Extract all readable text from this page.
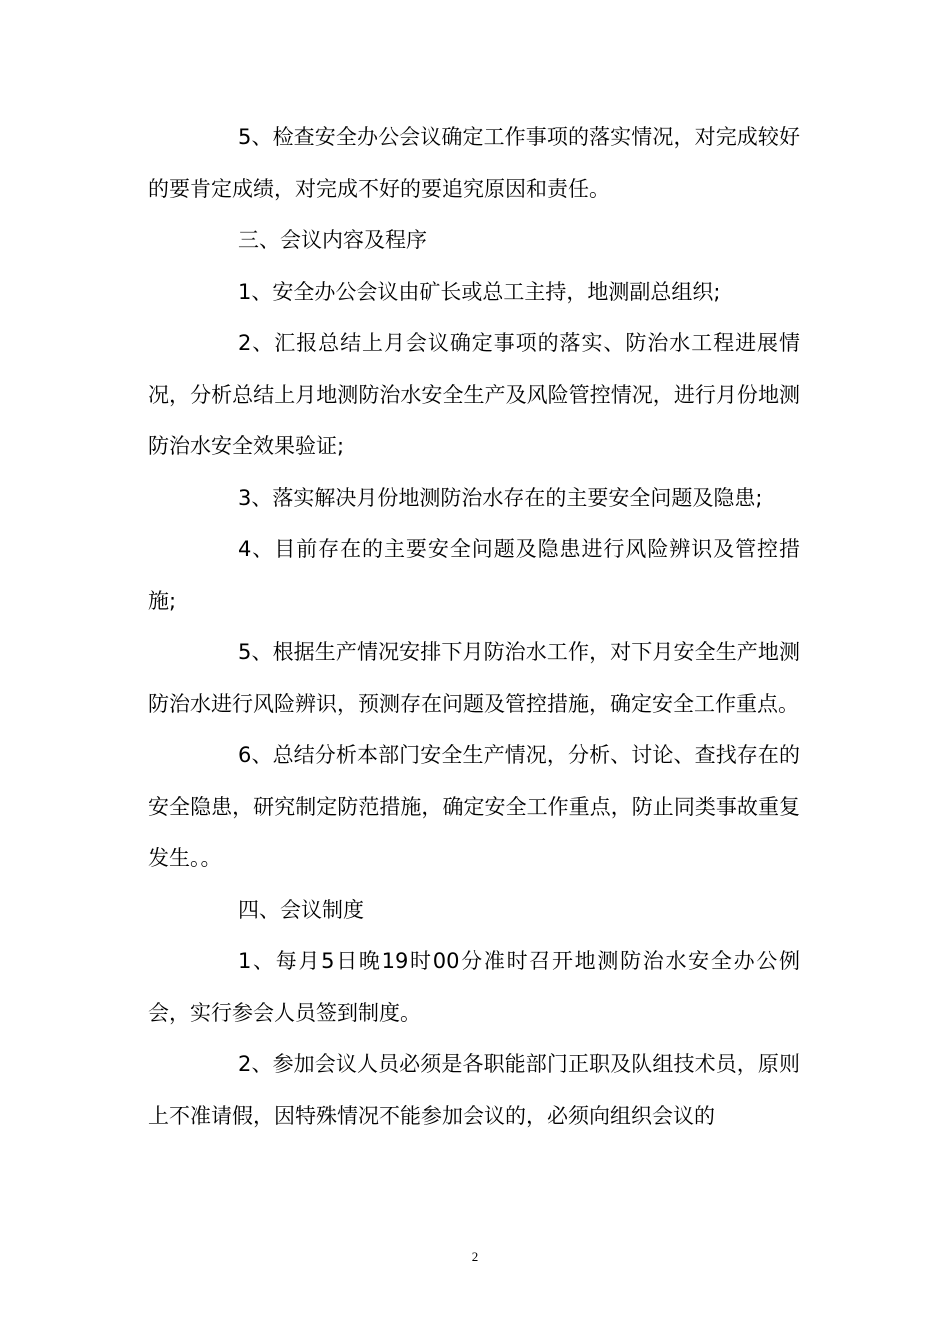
5、检查安全办公会议确定工作事项的落实情况，对完成较好的要肯定成绩，对完成不好的要追究原因和责任。

三、会议内容及程序

1、安全办公会议由矿长或总工主持，地测副总组织;

2、汇报总结上月会议确定事项的落实、防治水工程进展情况，分析总结上月地测防治水安全生产及风险管控情况，进行月份地测防治水安全效果验证;

3、落实解决月份地测防治水存在的主要安全问题及隐患;

4、目前存在的主要安全问题及隐患进行风险辨识及管控措施;

5、根据生产情况安排下月防治水工作，对下月安全生产地测防治水进行风险辨识，预测存在问题及管控措施，确定安全工作重点。

6、总结分析本部门安全生产情况，分析、讨论、查找存在的安全隐患，研究制定防范措施，确定安全工作重点，防止同类事故重复发生。。

四、会议制度

1、每月5日晚19时00分准时召开地测防治水安全办公例会，实行参会人员签到制度。

2、参加会议人员必须是各职能部门正职及队组技术员，原则上不准请假，因特殊情况不能参加会议的，必须向组织会议的

2
